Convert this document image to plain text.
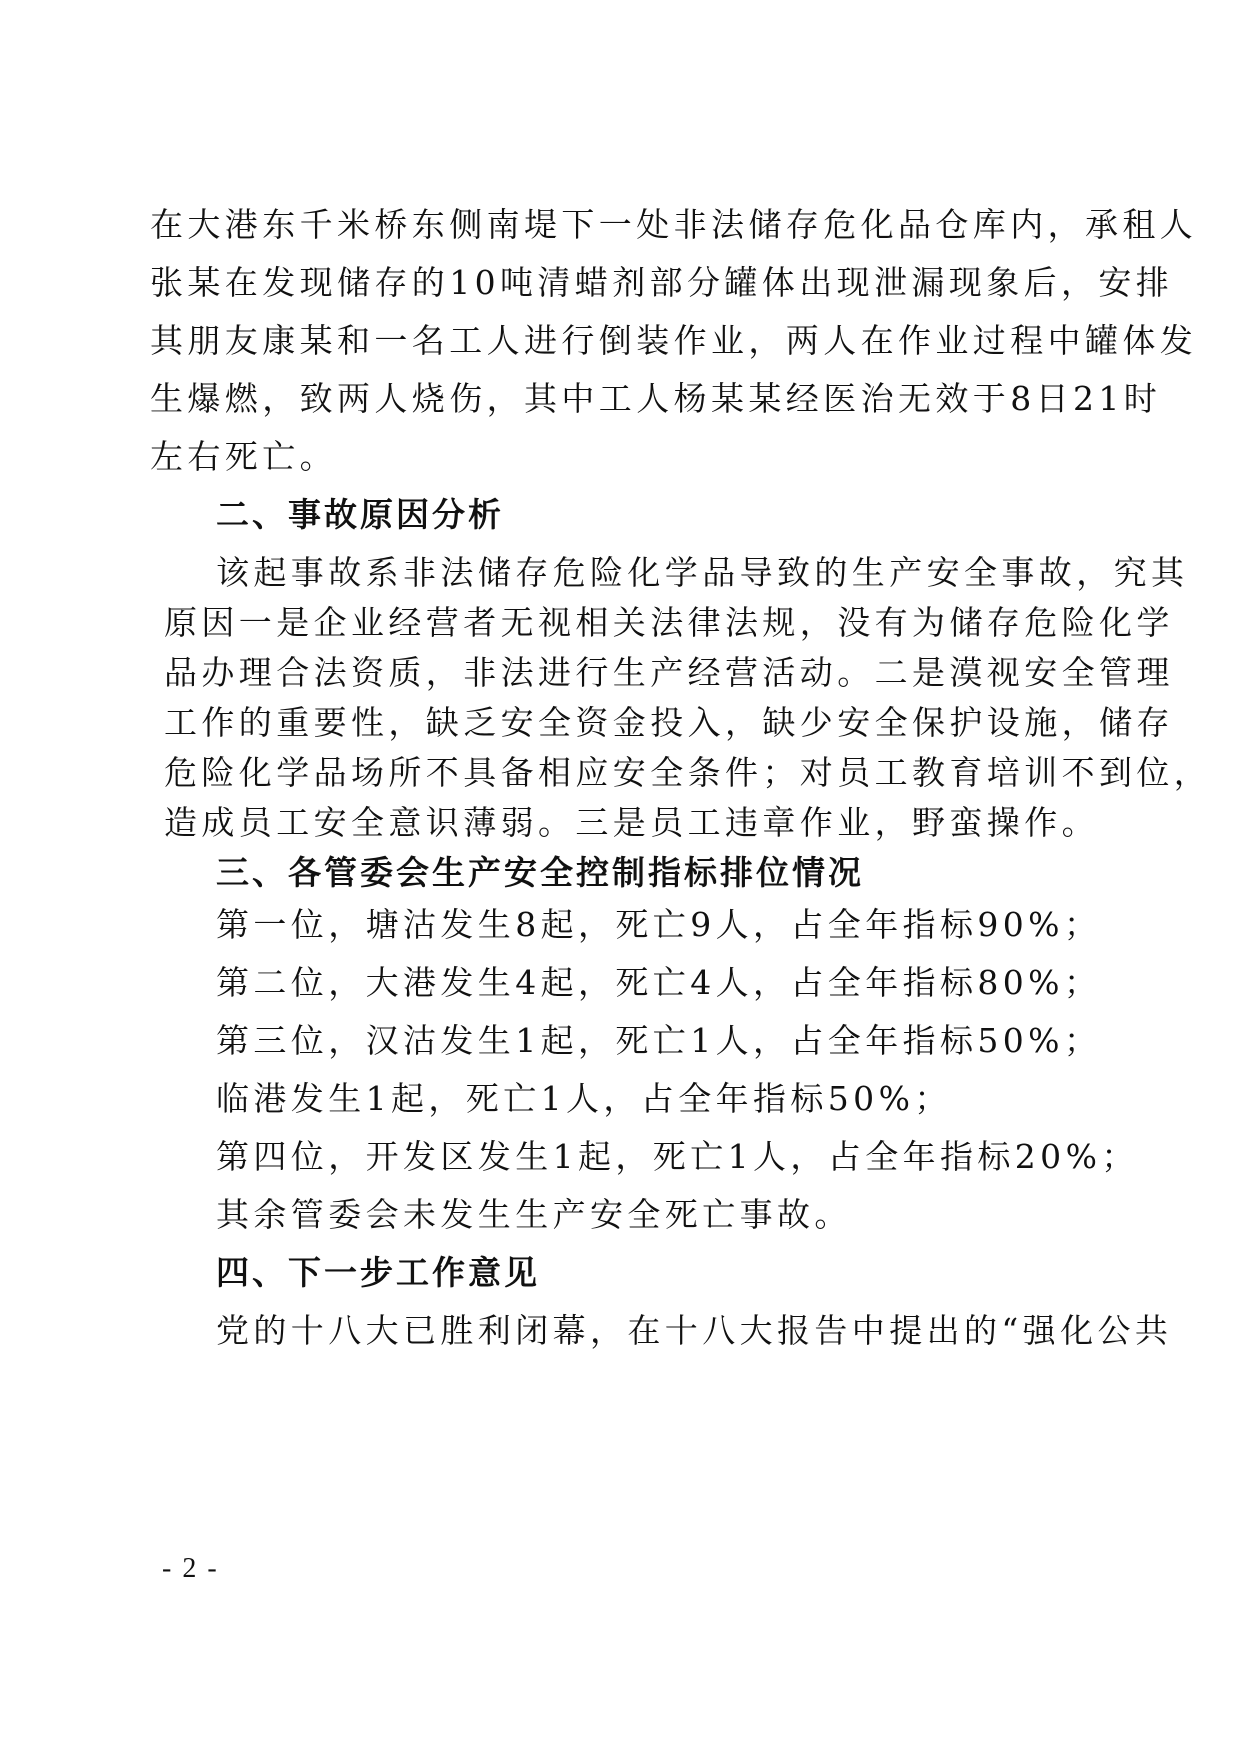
在大港东千米桥东侧南堤下一处非法储存危化品仓库内，承租人

张某在发现储存的10吨清蜡剂部分罐体出现泄漏现象后，安排

其朋友康某和一名工人进行倒装作业，两人在作业过程中罐体发

生爆燃，致两人烧伤，其中工人杨某某经医治无效于8日21时

左右死亡。

二、事故原因分析

该起事故系非法储存危险化学品导致的生产安全事故，究其

原因一是企业经营者无视相关法律法规，没有为储存危险化学

品办理合法资质，非法进行生产经营活动。二是漠视安全管理

工作的重要性，缺乏安全资金投入，缺少安全保护设施，储存

危险化学品场所不具备相应安全条件；对员工教育培训不到位，

造成员工安全意识薄弱。三是员工违章作业，野蛮操作。

三、各管委会生产安全控制指标排位情况

第一位，塘沽发生8起，死亡9人，占全年指标90%；

第二位，大港发生4起，死亡4人，占全年指标80%；

第三位，汉沽发生1起，死亡1人，占全年指标50%；

临港发生1起，死亡1人，占全年指标50%；

第四位，开发区发生1起，死亡1人，占全年指标20%；

其余管委会未发生生产安全死亡事故。

四、下一步工作意见

党的十八大已胜利闭幕，在十八大报告中提出的“强化公共

- 2 -
